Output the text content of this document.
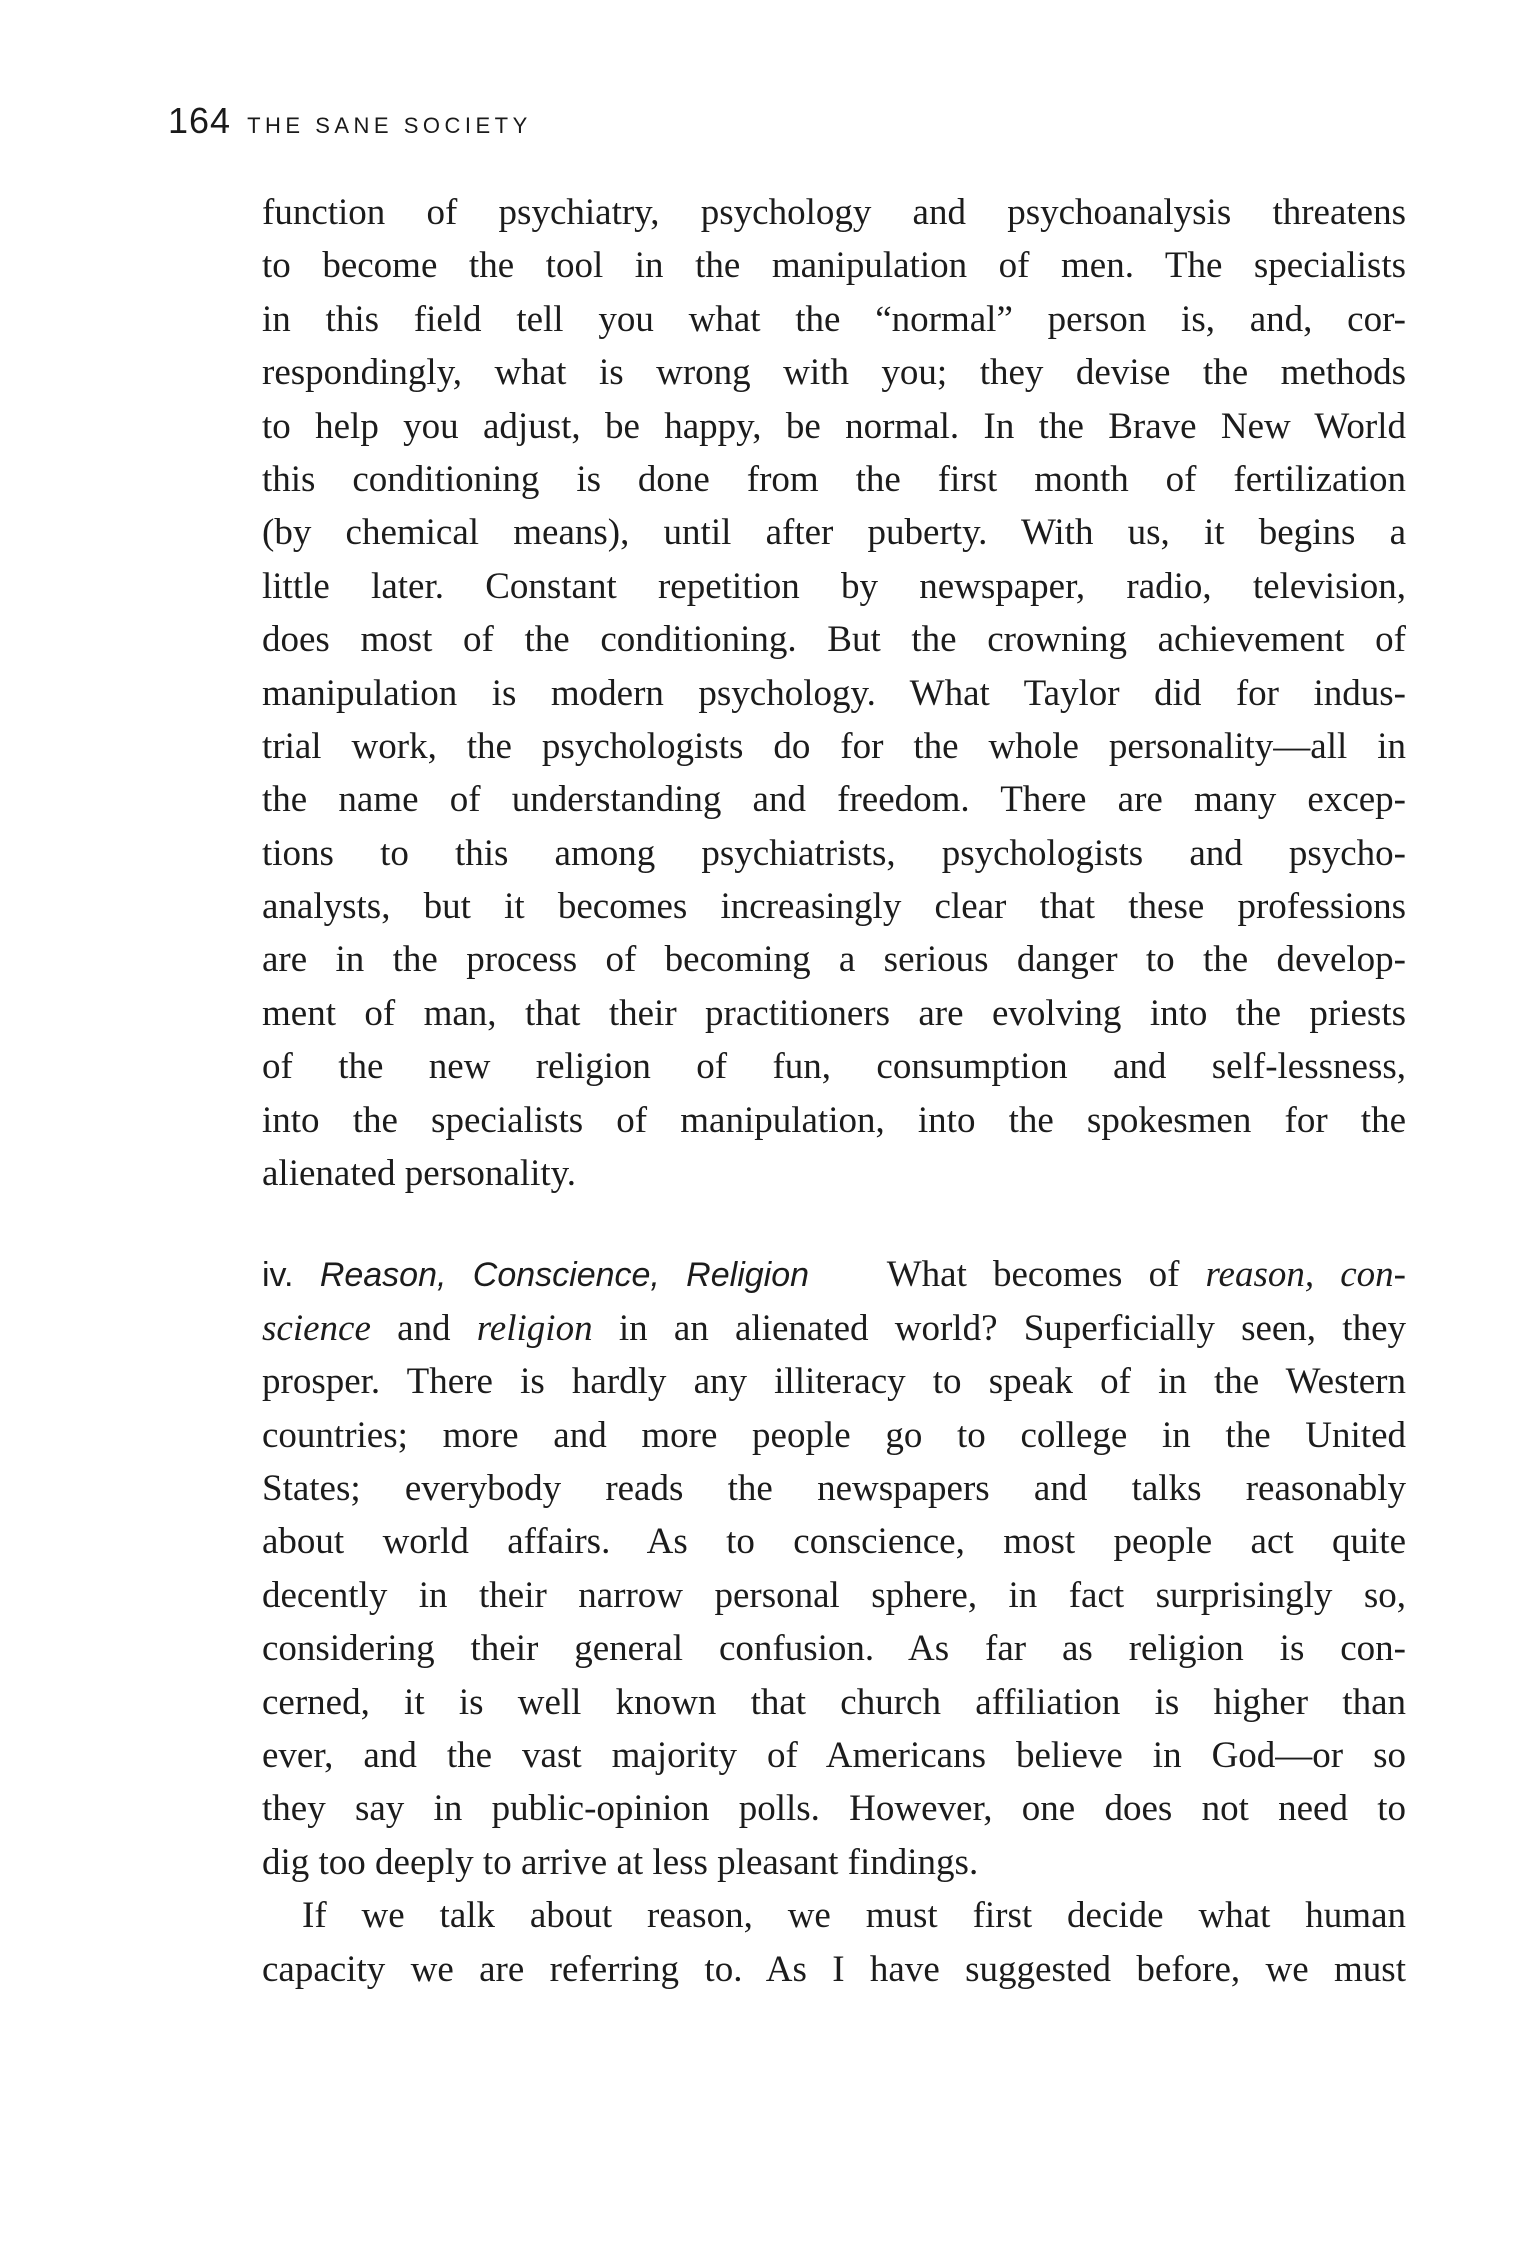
164 THE SANE SOCIETY
function of psychiatry, psychology and psychoanalysis threatens
to become the tool in the manipulation of men. The specialists
in this field tell you what the “normal” person is, and, cor-
respondingly, what is wrong with you; they devise the methods
to help you adjust, be happy, be normal. In the Brave New World
this conditioning is done from the first month of fertilization
(by chemical means), until after puberty. With us, it begins a
little later. Constant repetition by newspaper, radio, television,
does most of the conditioning. But the crowning achievement of
manipulation is modern psychology. What Taylor did for indus-
trial work, the psychologists do for the whole personality—all in
the name of understanding and freedom. There are many excep-
tions to this among psychiatrists, psychologists and psycho-
analysts, but it becomes increasingly clear that these professions
are in the process of becoming a serious danger to the develop-
ment of man, that their practitioners are evolving into the priests
of the new religion of fun, consumption and self-lessness,
into the specialists of manipulation, into the spokesmen for the
alienated personality.
iv. Reason, Conscience, Religion What becomes of reason, con-
science and religion in an alienated world? Superficially seen, they
prosper. There is hardly any illiteracy to speak of in the Western
countries; more and more people go to college in the United
States; everybody reads the newspapers and talks reasonably
about world affairs. As to conscience, most people act quite
decently in their narrow personal sphere, in fact surprisingly so,
considering their general confusion. As far as religion is con-
cerned, it is well known that church affiliation is higher than
ever, and the vast majority of Americans believe in God—or so
they say in public-opinion polls. However, one does not need to
dig too deeply to arrive at less pleasant findings.
If we talk about reason, we must first decide what human
capacity we are referring to. As I have suggested before, we must
